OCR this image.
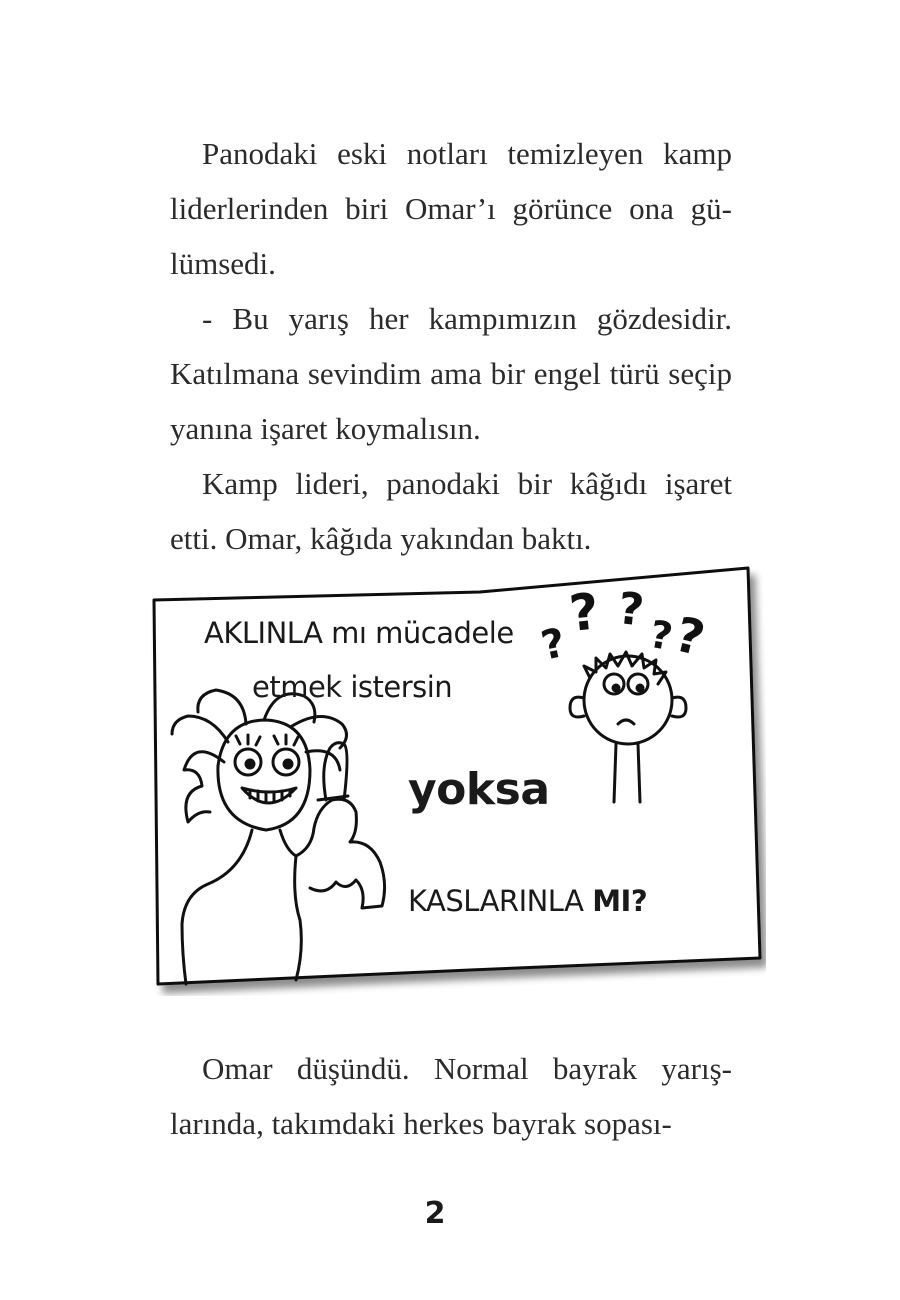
Panodaki eski notları temizleyen kamp liderlerinden biri Omar’ı görünce ona gü-lümsedi.

- Bu yarış her kampımızın gözdesidir. Katılmana sevindim ama bir engel türü seçip yanına işaret koymalısın.

Kamp lideri, panodaki bir kâğıdı işaret etti. Omar, kâğıda yakından baktı.

?
? ? ?
?
AKLINLA mı mücadele
etmek istersin
yoksa
KASLARINLA MI?

Omar düşündü. Normal bayrak yarış-larında, takımdaki herkes bayrak sopası-

2
